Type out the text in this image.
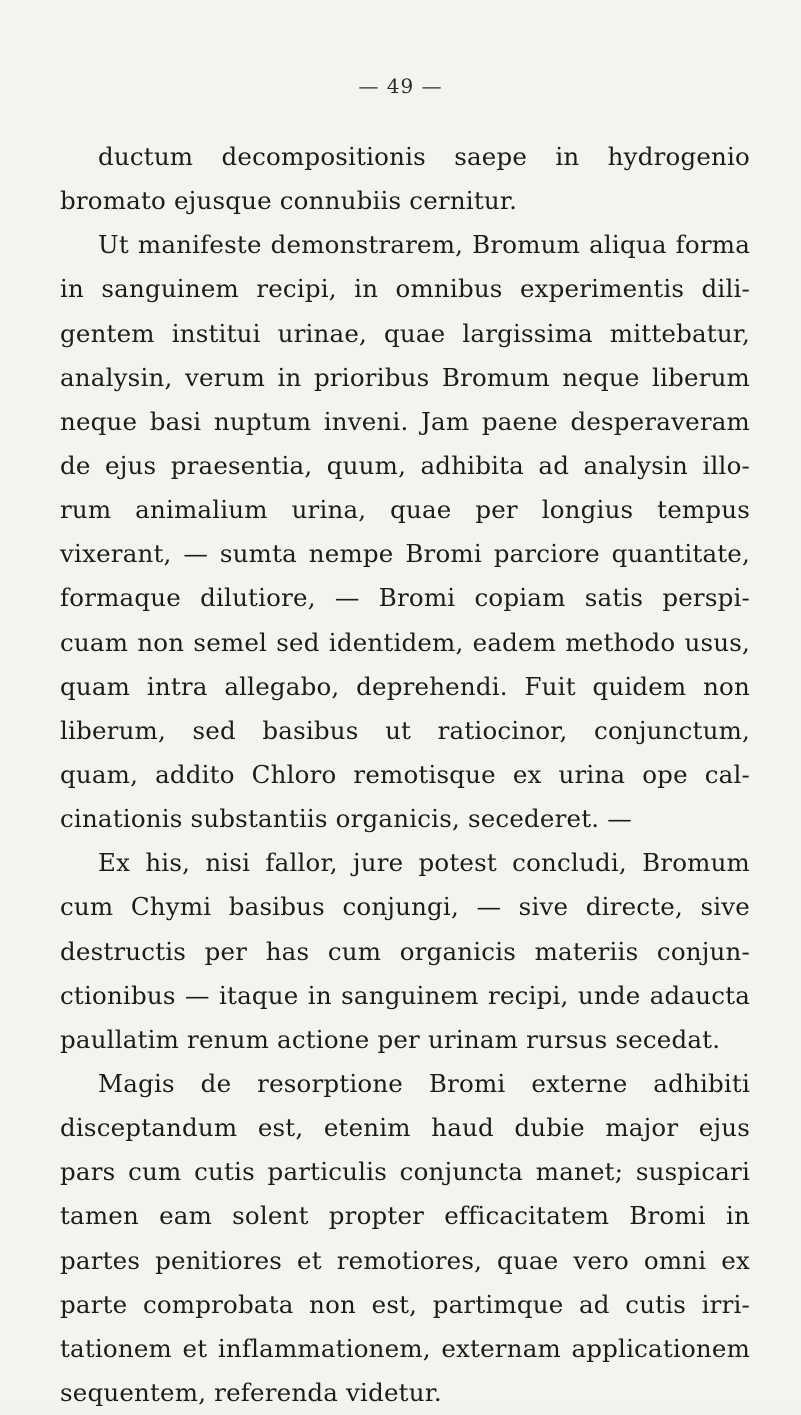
— 49 —
ductum decompositionis saepe in hydrogenio
bromato ejusque connubiis cernitur.
Ut manifeste demonstrarem, Bromum aliqua forma
in sanguinem recipi, in omnibus experimentis dili-
gentem institui urinae, quae largissima mittebatur,
analysin, verum in prioribus Bromum neque liberum
neque basi nuptum inveni. Jam paene desperaveram
de ejus praesentia, quum, adhibita ad analysin illo-
rum animalium urina, quae per longius tempus
vixerant, — sumta nempe Bromi parciore quantitate,
formaque dilutiore, — Bromi copiam satis perspi-
cuam non semel sed identidem, eadem methodo usus,
quam intra allegabo, deprehendi. Fuit quidem non
liberum, sed basibus ut ratiocinor, conjunctum,
quam, addito Chloro remotisque ex urina ope cal-
cinationis substantiis organicis, secederet. —
Ex his, nisi fallor, jure potest concludi, Bromum
cum Chymi basibus conjungi, — sive directe, sive
destructis per has cum organicis materiis conjun-
ctionibus — itaque in sanguinem recipi, unde adaucta
paullatim renum actione per urinam rursus secedat.
Magis de resorptione Bromi externe adhibiti
disceptandum est, etenim haud dubie major ejus
pars cum cutis particulis conjuncta manet; suspicari
tamen eam solent propter efficacitatem Bromi in
partes penitiores et remotiores, quae vero omni ex
parte comprobata non est, partimque ad cutis irri-
tationem et inflammationem, externam applicationem
sequentem, referenda videtur.
